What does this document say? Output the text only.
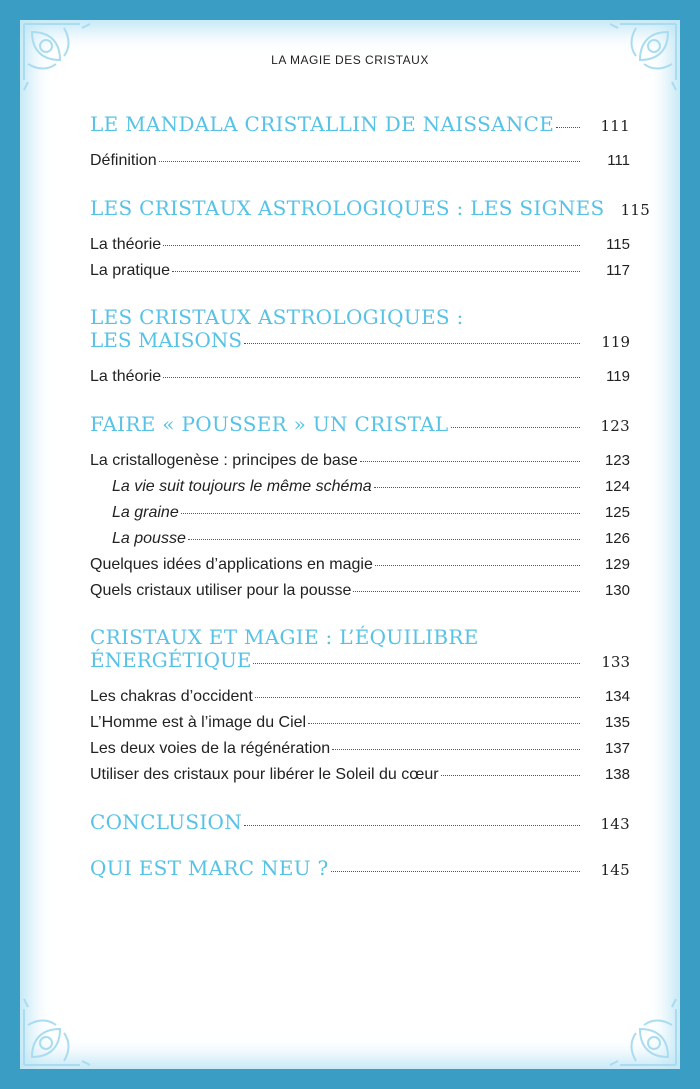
LA MAGIE DES CRISTAUX
LE MANDALA CRISTALLIN DE NAISSANCE	111
Définition	111
LES CRISTAUX ASTROLOGIQUES : LES SIGNES 115
La théorie	115
La pratique	117
LES CRISTAUX ASTROLOGIQUES :
LES MAISONS	119
La théorie	119
FAIRE « POUSSER » UN CRISTAL	123
La cristallogenèse : principes de base	123
La vie suit toujours le même schéma	124
La graine	125
La pousse	126
Quelques idées d’applications en magie	129
Quels cristaux utiliser pour la pousse	130
CRISTAUX ET MAGIE : L’ÉQUILIBRE
ÉNERGÉTIQUE	133
Les chakras d’occident	134
L’Homme est à l’image du Ciel	135
Les deux voies de la régénération	137
Utiliser des cristaux pour libérer le Soleil du cœur	138
CONCLUSION	143
QUI EST MARC NEU ?	145
